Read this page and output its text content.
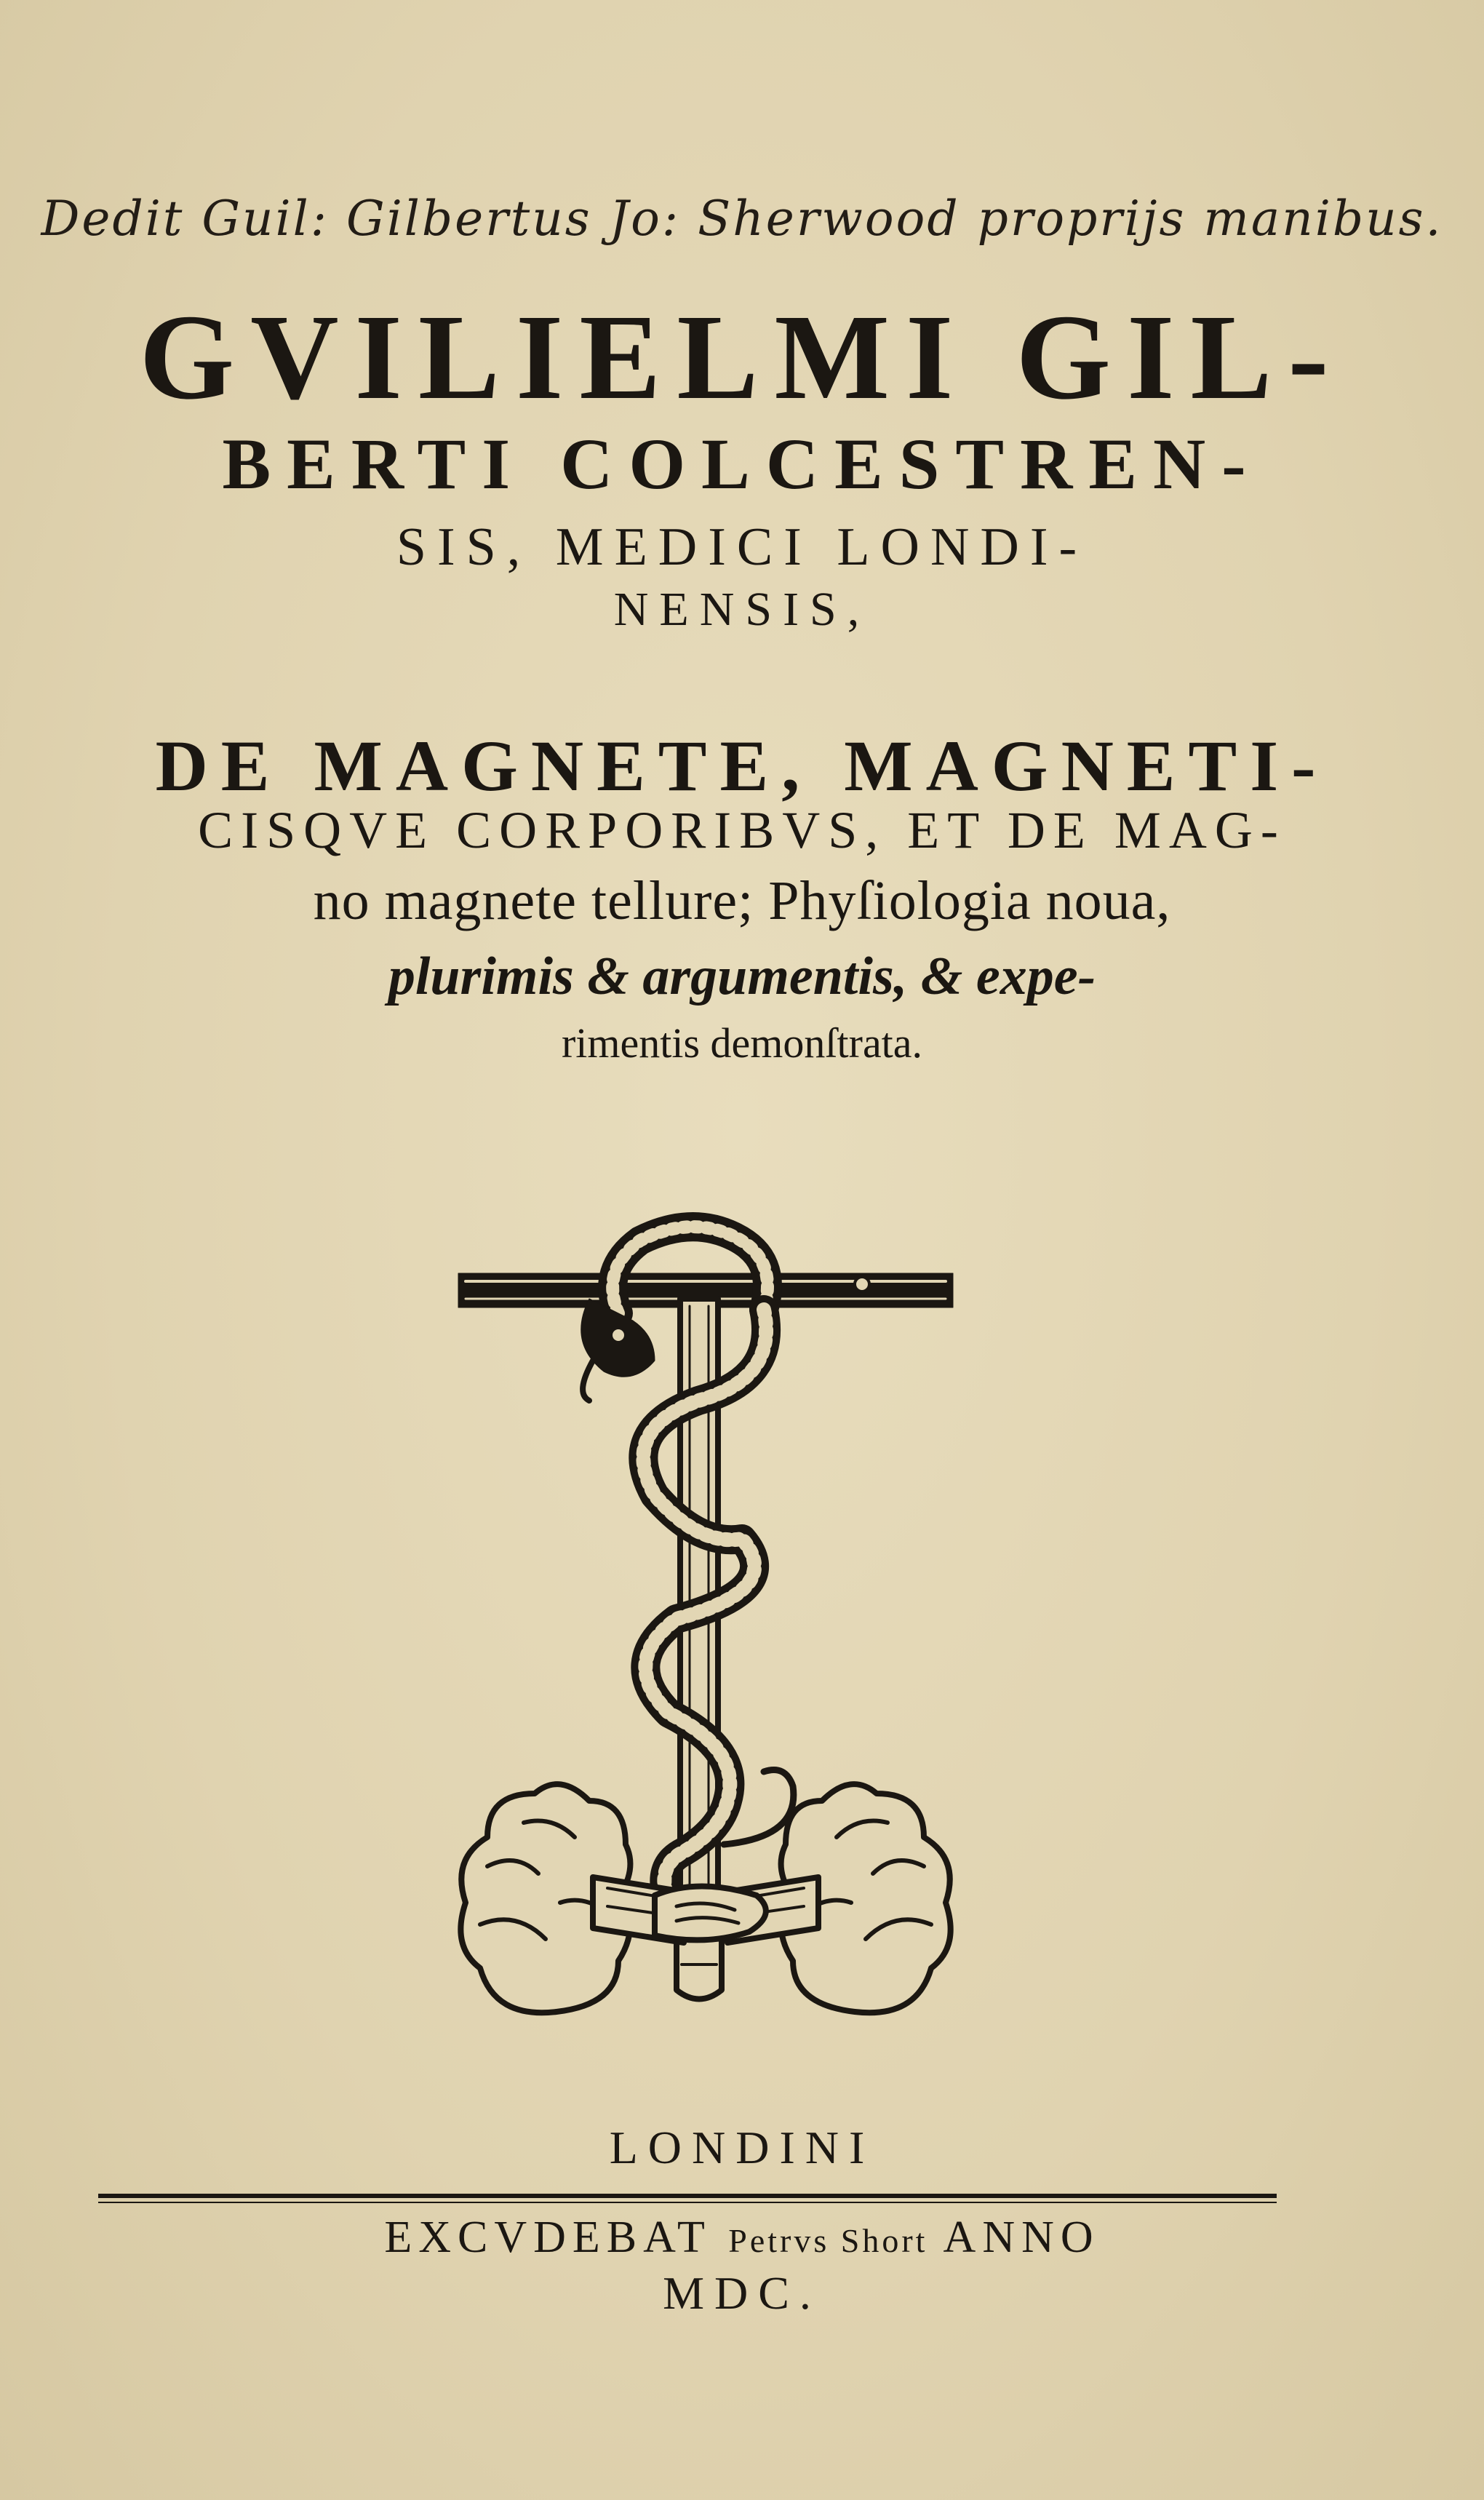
Dedit Guil: Gilbertus Jo: Sherwood proprijs manibus.
GVILIELMI GIL-
BERTI COLCESTREN-
SIS, MEDICI LONDI-
NENSIS,
DE MAGNETE, MAGNETI-
CISQVE CORPORIBVS, ET DE MAG-
no magnete tellure; Phyſiologia noua,
plurimis & argumentis, & expe-
rimentis demonſtrata.
LONDINI
EXCVDEBAT Petrvs Short ANNO
MDC.
